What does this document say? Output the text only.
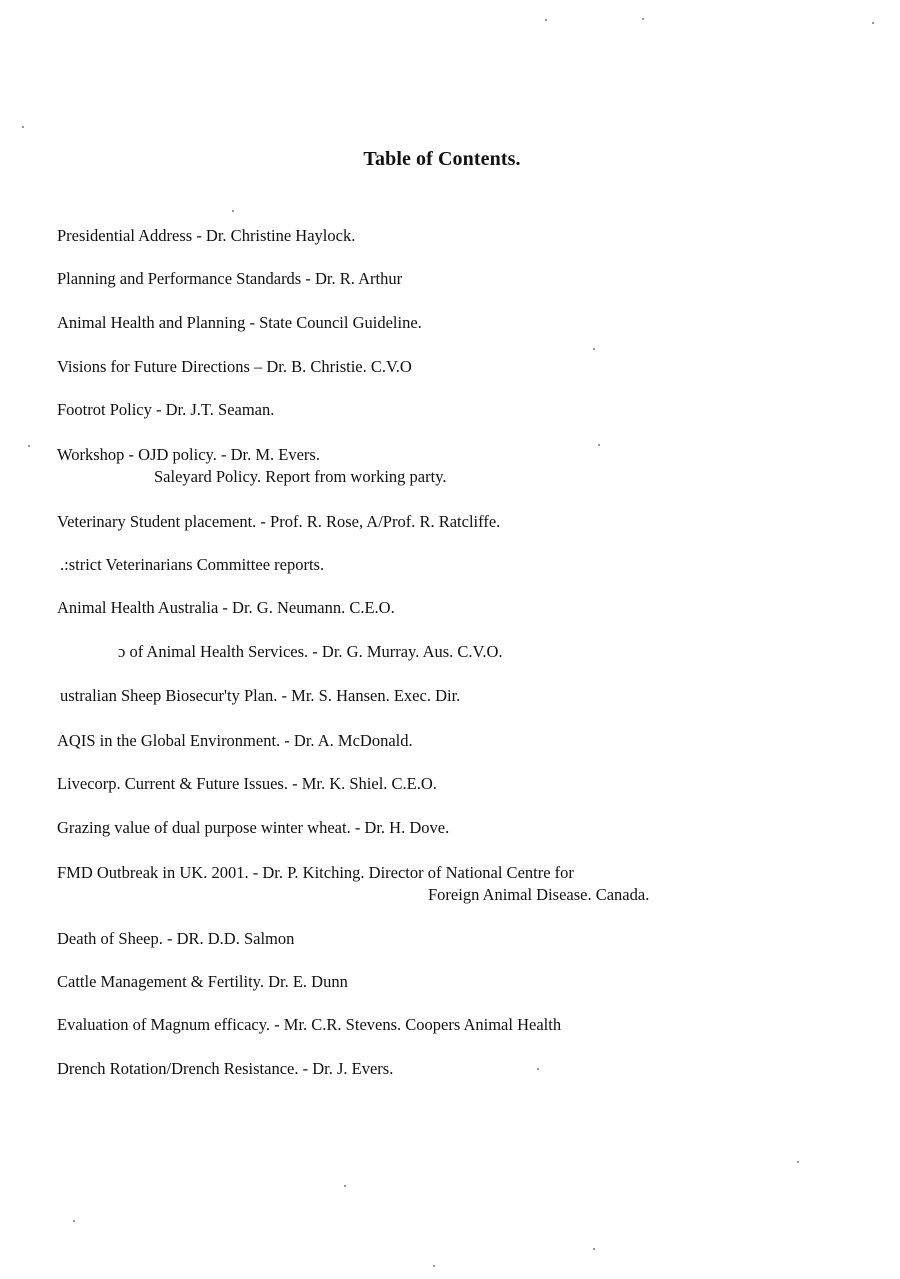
Table of Contents.
Presidential Address - Dr. Christine Haylock.
Planning and Performance Standards - Dr. R. Arthur
Animal Health and Planning - State Council Guideline.
Visions for Future Directions – Dr. B. Christie. C.V.O
Footrot Policy - Dr. J.T. Seaman.
Workshop - OJD policy. - Dr. M. Evers.
Saleyard Policy. Report from working party.
Veterinary Student placement. - Prof. R. Rose, A/Prof. R. Ratcliffe.
.:strict Veterinarians Committee reports.
Animal Health Australia - Dr. G. Neumann. C.E.O.
ɔ of Animal Health Services. - Dr. G. Murray. Aus. C.V.O.
ustralian Sheep Biosecur'ty Plan. - Mr. S. Hansen. Exec. Dir.
AQIS in the Global Environment. - Dr. A. McDonald.
Livecorp. Current & Future Issues. - Mr. K. Shiel. C.E.O.
Grazing value of dual purpose winter wheat. - Dr. H. Dove.
FMD Outbreak in UK. 2001. - Dr. P. Kitching. Director of National Centre for
Foreign Animal Disease. Canada.
Death of Sheep. - DR. D.D. Salmon
Cattle Management & Fertility. Dr. E. Dunn
Evaluation of Magnum efficacy. - Mr. C.R. Stevens. Coopers Animal Health
Drench Rotation/Drench Resistance. - Dr. J. Evers.
